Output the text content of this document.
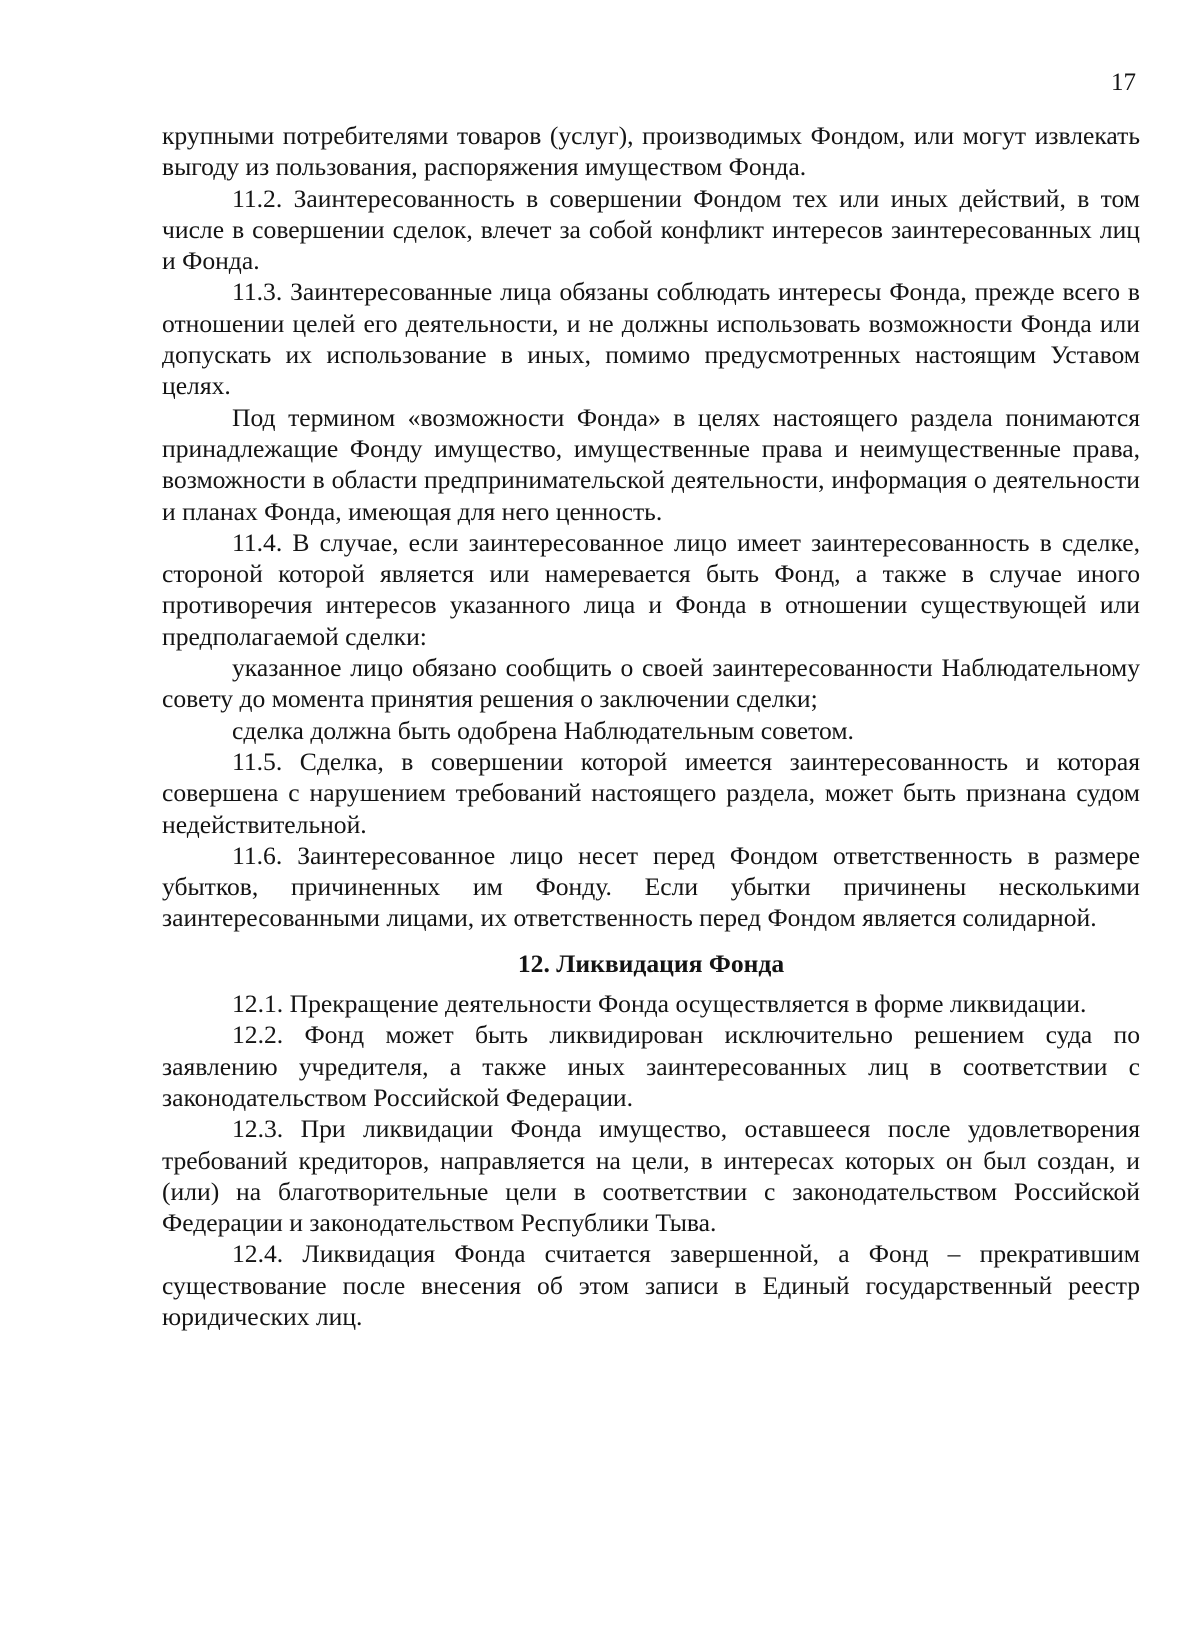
17

крупными потребителями товаров (услуг), производимых Фондом, или могут извлекать выгоду из пользования, распоряжения имуществом Фонда.

11.2. Заинтересованность в совершении Фондом тех или иных действий, в том числе в совершении сделок, влечет за собой конфликт интересов заинтересованных лиц и Фонда.

11.3. Заинтересованные лица обязаны соблюдать интересы Фонда, прежде всего в отношении целей его деятельности, и не должны использовать возможности Фонда или допускать их использование в иных, помимо предусмотренных настоящим Уставом целях.

Под термином «возможности Фонда» в целях настоящего раздела понимаются принадлежащие Фонду имущество, имущественные права и неимущественные права, возможности в области предпринимательской деятельности, информация о деятельности и планах Фонда, имеющая для него ценность.

11.4. В случае, если заинтересованное лицо имеет заинтересованность в сделке, стороной которой является или намеревается быть Фонд, а также в случае иного противоречия интересов указанного лица и Фонда в отношении существующей или предполагаемой сделки:

указанное лицо обязано сообщить о своей заинтересованности Наблюдательному совету до момента принятия решения о заключении сделки;

сделка должна быть одобрена Наблюдательным советом.

11.5. Сделка, в совершении которой имеется заинтересованность и которая совершена с нарушением требований настоящего раздела, может быть признана судом недействительной.

11.6. Заинтересованное лицо несет перед Фондом ответственность в размере убытков, причиненных им Фонду. Если убытки причинены несколькими заинтересованными лицами, их ответственность перед Фондом является солидарной.

12. Ликвидация Фонда

12.1. Прекращение деятельности Фонда осуществляется в форме ликвидации.

12.2. Фонд может быть ликвидирован исключительно решением суда по заявлению учредителя, а также иных заинтересованных лиц в соответствии с законодательством Российской Федерации.

12.3. При ликвидации Фонда имущество, оставшееся после удовлетворения требований кредиторов, направляется на цели, в интересах которых он был создан, и (или) на благотворительные цели в соответствии с законодательством Российской Федерации и законодательством Республики Тыва.

12.4. Ликвидация Фонда считается завершенной, а Фонд – прекратившим существование после внесения об этом записи в Единый государственный реестр юридических лиц.
